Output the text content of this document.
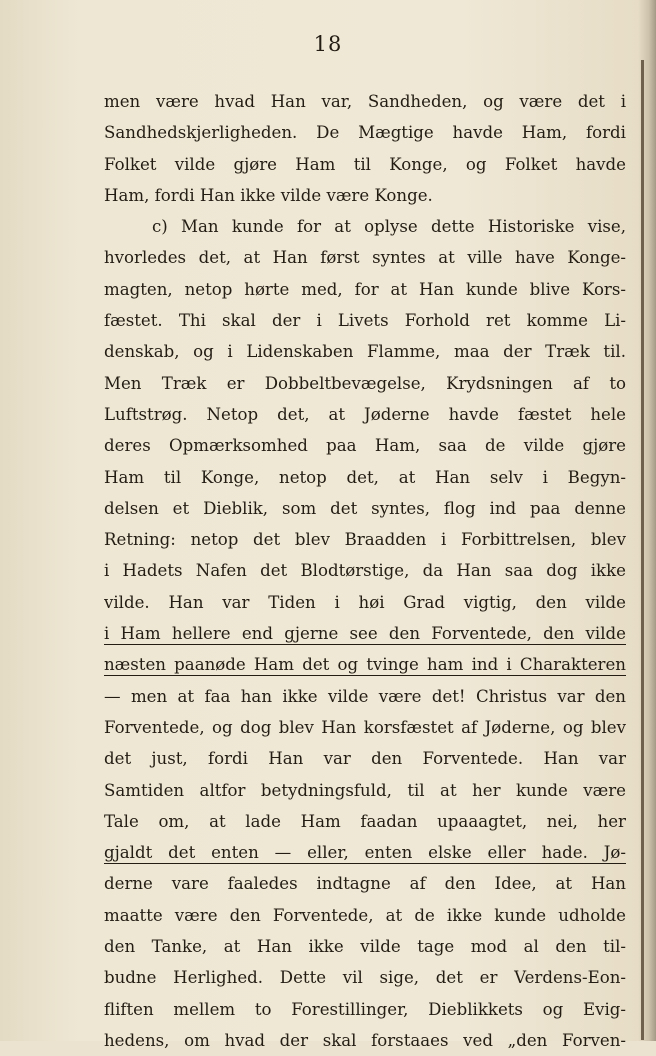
18
men være hvad Han var, Sandheden, og være det i
Sandhedskjerligheden. De Mægtige havde Ham, fordi
Folket vilde gjøre Ham til Konge, og Folket havde
Ham, fordi Han ikke vilde være Konge.
c) Man kunde for at oplyse dette Historiske vise,
hvorledes det, at Han først syntes at ville have Konge-
magten, netop hørte med, for at Han kunde blive Kors-
fæstet. Thi skal der i Livets Forhold ret komme Li-
denskab, og i Lidenskaben Flamme, maa der Træk til.
Men Træk er Dobbeltbevægelse, Krydsningen af to
Luftstrøg. Netop det, at Jøderne havde fæstet hele
deres Opmærksomhed paa Ham, saa de vilde gjøre
Ham til Konge, netop det, at Han selv i Begyn-
delsen et Dieblik, som det syntes, flog ind paa denne
Retning: netop det blev Braadden i Forbittrelsen, blev
i Hadets Nafen det Blodtørstige, da Han saa dog ikke
vilde. Han var Tiden i høi Grad vigtig, den vilde
i Ham hellere end gjerne see den Forventede, den vilde
næsten paanøde Ham det og tvinge ham ind i Charakteren
— men at faa han ikke vilde være det! Christus var den
Forventede, og dog blev Han korsfæstet af Jøderne, og blev
det just, fordi Han var den Forventede. Han var
Samtiden altfor betydningsfuld, til at her kunde være
Tale om, at lade Ham faadan upaaagtet, nei, her
gjaldt det enten — eller, enten elske eller hade. Jø-
derne vare faaledes indtagne af den Idee, at Han
maatte være den Forventede, at de ikke kunde udholde
den Tanke, at Han ikke vilde tage mod al den til-
budne Herlighed. Dette vil sige, det er Verdens-Eon-
fliften mellem to Forestillinger, Dieblikkets og Evig-
hedens, om hvad der skal forstaaes ved „den Forven-
